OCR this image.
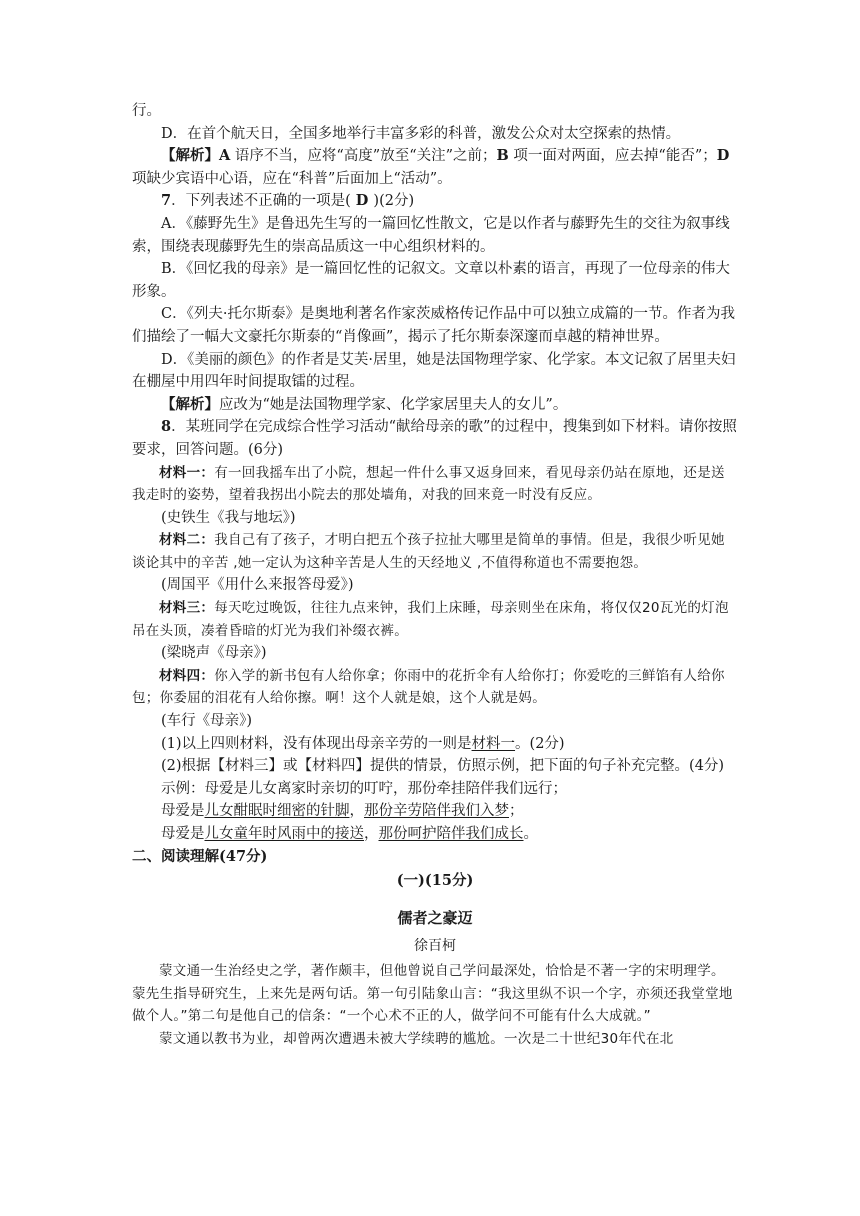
行。

D．在首个航天日，全国多地举行丰富多彩的科普，激发公众对太空探索的热情。

【解析】A 语序不当，应将“高度”放至“关注”之前；B 项一面对两面，应去掉“能否”；D 项缺少宾语中心语，应在“科普”后面加上“活动”。

7．下列表述不正确的一项是( D )(2分)

A．《藤野先生》是鲁迅先生写的一篇回忆性散文，它是以作者与藤野先生的交往为叙事线索，围绕表现藤野先生的崇高品质这一中心组织材料的。

B．《回忆我的母亲》是一篇回忆性的记叙文。文章以朴素的语言，再现了一位母亲的伟大形象。

C．《列夫·托尔斯泰》是奥地利著名作家茨威格传记作品中可以独立成篇的一节。作者为我们描绘了一幅大文豪托尔斯泰的“肖像画”，揭示了托尔斯泰深邃而卓越的精神世界。

D．《美丽的颜色》的作者是艾芙·居里，她是法国物理学家、化学家。本文记叙了居里夫妇在棚屋中用四年时间提取镭的过程。

【解析】应改为“她是法国物理学家、化学家居里夫人的女儿”。

8．某班同学在完成综合性学习活动“献给母亲的歌”的过程中，搜集到如下材料。请你按照要求，回答问题。(6分)

材料一：有一回我摇车出了小院，想起一件什么事又返身回来，看见母亲仍站在原地，还是送我走时的姿势，望着我拐出小院去的那处墙角，对我的回来竟一时没有反应。

(史铁生《我与地坛》)

材料二：我自己有了孩子，才明白把五个孩子拉扯大哪里是简单的事情。但是，我很少听见她谈论其中的辛苦 ,她一定认为这种辛苦是人生的天经地义 ,不值得称道也不需要抱怨。

(周国平《用什么来报答母爱》)

材料三：每天吃过晚饭，往往九点来钟，我们上床睡，母亲则坐在床角，将仅仅20瓦光的灯泡吊在头顶，凑着昏暗的灯光为我们补缀衣裤。

(梁晓声《母亲》)

材料四：你入学的新书包有人给你拿；你雨中的花折伞有人给你打；你爱吃的三鲜馅有人给你包；你委屈的泪花有人给你擦。啊！这个人就是娘，这个人就是妈。

(车行《母亲》)

(1)以上四则材料，没有体现出母亲辛劳的一则是材料一。(2分)

(2)根据【材料三】或【材料四】提供的情景，仿照示例，把下面的句子补充完整。(4分)

示例：母爱是儿女离家时亲切的叮咛，那份牵挂陪伴我们远行；

母爱是儿女酣眠时细密的针脚，那份辛劳陪伴我们入梦；

母爱是儿女童年时风雨中的接送，那份呵护陪伴我们成长。

二、阅读理解(47分)

(一)(15分)

儒者之豪迈

徐百柯

蒙文通一生治经史之学，著作颇丰，但他曾说自己学问最深处，恰恰是不著一字的宋明理学。蒙先生指导研究生，上来先是两句话。第一句引陆象山言：“我这里纵不识一个字，亦须还我堂堂地做个人。”第二句是他自己的信条：“一个心术不正的人，做学问不可能有什么大成就。”

蒙文通以教书为业，却曾两次遭遇未被大学续聘的尴尬。一次是二十世纪30年代在北
